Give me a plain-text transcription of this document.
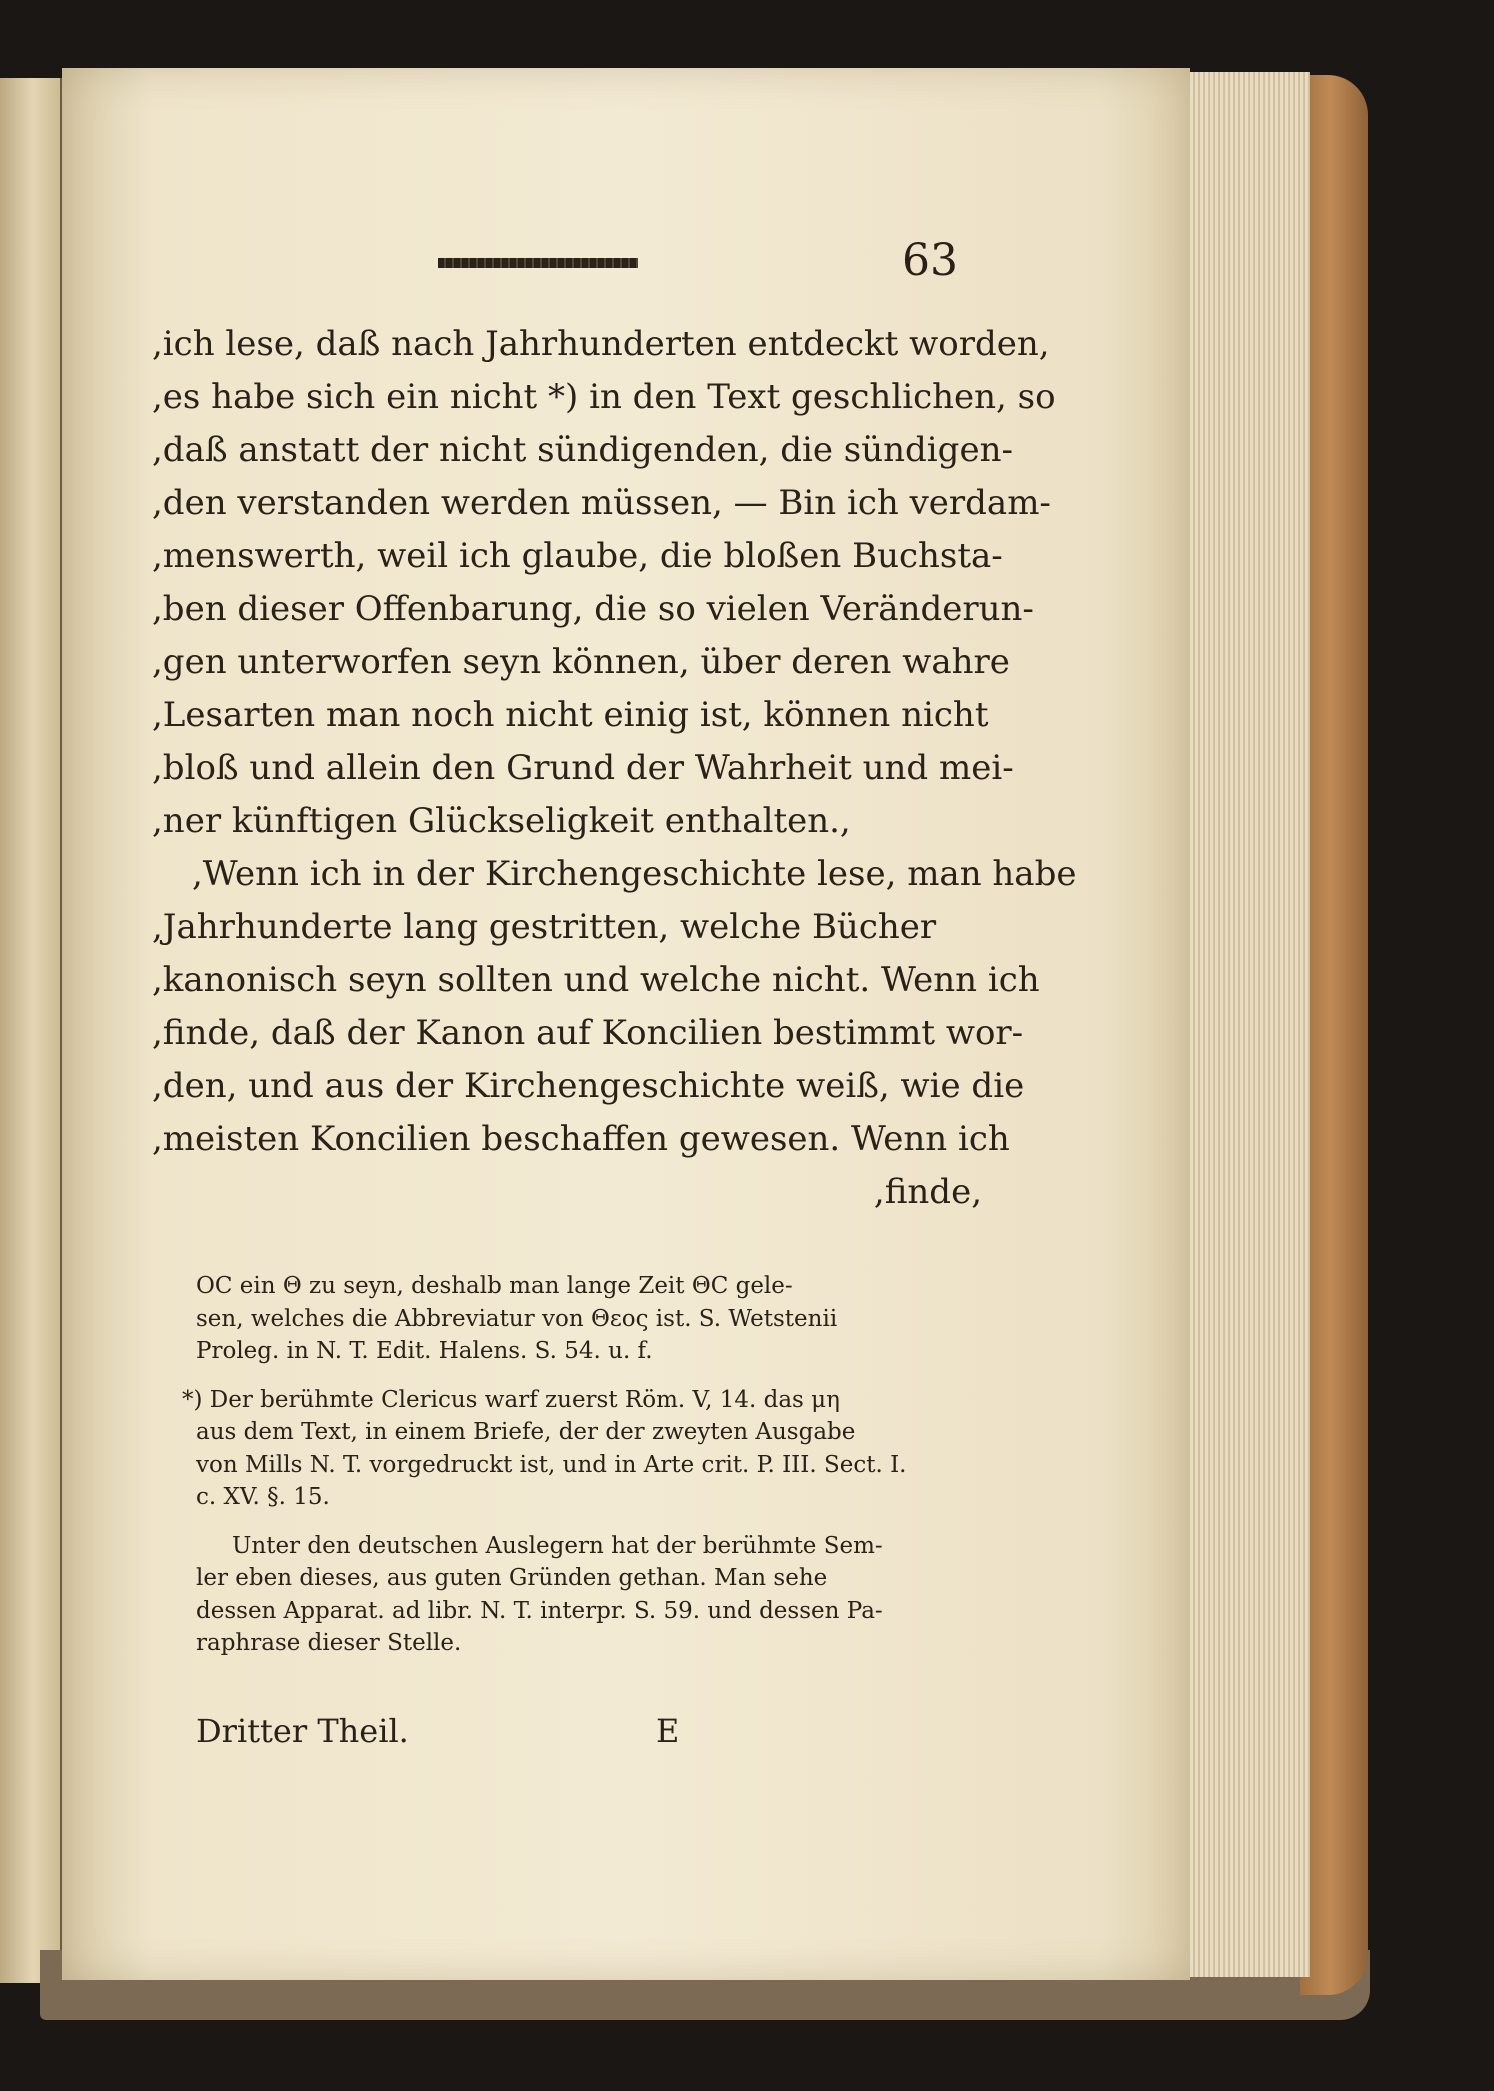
63
,ich lese, daß nach Jahrhunderten entdeckt worden,
,es habe sich ein nicht *) in den Text geschlichen, so
,daß anstatt der nicht sündigenden, die sündigen-
,den verstanden werden müssen, — Bin ich verdam-
,menswerth, weil ich glaube, die bloßen Buchsta-
,ben dieser Offenbarung, die so vielen Veränderun-
,gen unterworfen seyn können, über deren wahre
,Lesarten man noch nicht einig ist, können nicht
,bloß und allein den Grund der Wahrheit und mei-
,ner künftigen Glückseligkeit enthalten.,
,Wenn ich in der Kirchengeschichte lese, man habe
,Jahrhunderte lang gestritten, welche Bücher
,kanonisch seyn sollten und welche nicht. Wenn ich
,finde, daß der Kanon auf Koncilien bestimmt wor-
,den, und aus der Kirchengeschichte weiß, wie die
,meisten Koncilien beschaffen gewesen. Wenn ich
,finde,
OC ein Θ zu seyn, deshalb man lange Zeit ΘC gele-
sen, welches die Abbreviatur von Θεος ist. S. Wetstenii
Proleg. in N. T. Edit. Halens. S. 54. u. f.
*) Der berühmte Clericus warf zuerst Röm. V, 14. das μη
aus dem Text, in einem Briefe, der der zweyten Ausgabe
von Mills N. T. vorgedruckt ist, und in Arte crit. P. III. Sect. I.
c. XV. §. 15.
Unter den deutschen Auslegern hat der berühmte Sem-
ler eben dieses, aus guten Gründen gethan. Man sehe
dessen Apparat. ad libr. N. T. interpr. S. 59. und dessen Pa-
raphrase dieser Stelle.
Dritter Theil.	E
